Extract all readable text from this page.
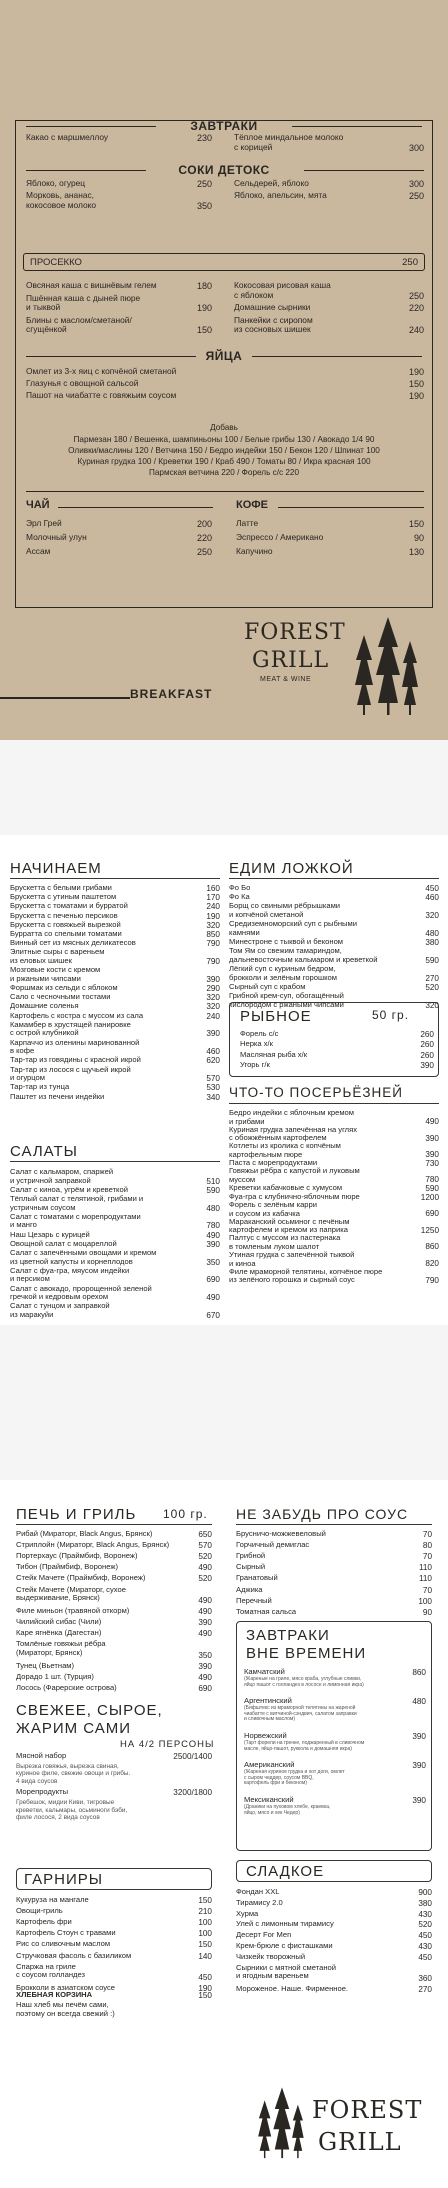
ЗАВТРАКИ
Какао с маршмеллоу	230	Тёплое миндальное молоко
с корицей	300
СОКИ ДЕТОКС
Яблоко, огурец	250	Сельдерей, яблоко	300
Морковь, ананас,
кокосовое молоко	350
Яблоко, апельсин, мята	250
ПРОСЕККО	250
Овсяная каша с вишнёвым гелем	180
Пшённая каша с дыней пюре
и тыквой	190
Блины с маслом/сметаной/
сгущёнкой	150
Кокосовая рисовая каша
с яблоком	250
Домашние сырники	220
Панкейки с сиропом
из сосновых шишек	240
ЯЙЦА
Омлет из 3-х яиц с копчёной сметаной	190
Глазунья с овощной сальсой	150
Пашот на чиабатте с говяжьим соусом	190
Добавь
Пармезан 180 / Вешенка, шампиньоны 100 / Белые грибы 130 / Авокадо 1/4 90
Оливки/маслины 120 / Ветчина 150 / Бедро индейки 150 / Бекон 120 / Шпинат 100
Куриная грудка 100 / Креветки 190 / Краб 490 / Томаты 80 / Икра красная 100
Пармская ветчина 220 / Форель с/с 220
ЧАЙ	КОФЕ
Эрл Грей	200
Молочный улун	220
Ассам	250
Латте	150
Эспрессо / Американо	90
Капучино	130
FOREST
GRILL
MEAT & WINE
BREAKFAST
НАЧИНАЕМ
Брускетта с белыми грибами	160
Брускетта с утиным паштетом	170
Брускетта с томатами и бурратой	240
Брускетта с печенью персиков	190
Брускетта с говяжьей вырезкой	320
Бурратта со спелыми томатами	850
Винный сет из мясных деликатесов	790
Элитные сыры с вареньем
из еловых шишек	790
Мозговые кости с кремом
и ржаными чипсами	390
Форшмак из сельди с яблоком	290
Сало с чесночными тостами	320
Домашние соленья	320
Картофель с костра с муссом из сала	240
Камамбер в хрустящей панировке
с острой клубникой	390
Карпаччо из оленины маринованной
в кофе	460
Тар-тар из говядины с красной икрой	620
Тар-тар из лосося с щучьей икрой
и огурцом	570
Тар-тар из тунца	530
Паштет из печени индейки	340
САЛАТЫ
Салат с кальмаром, спаржей
и устричной заправкой	510
Салат с киноа, угрём и креветкой	590
Тёплый салат с телятиной, грибами и
устричным соусом	480
Салат с томатами с морепродуктами
и манго	780
Наш Цезарь с курицей	490
Овощной салат с моцареллой	390
Салат с запечёнными овощами и кремом
из цветной капусты и корнеплодов	350
Салат с фуа-гра, мяусом индейки
и персиком	690
Салат с авокадо, пророщенной зеленой
гречкой и кедровым орехом	490
Салат с тунцом и заправкой
из маракуйи	670
ЕДИМ ЛОЖКОЙ
Фо Бо	450
Фо Ка	460
Борщ со свиными рёбрышками
и копчёной сметаной	320
Средиземноморский суп с рыбными
камнями	480
Минестроне с тыквой и беконом	380
Том Ям со свежим тамариндом,
дальневосточным кальмаром и креветкой	590
Лёгкий суп с куриным бедром,
брокколи и зелёным горошком	270
Сырный суп с крабом	520
Грибной крем-суп, обогащённый
кислородом с ржаными чипсами	320
РЫБНОЕ	50 гр.
Форель с/с	260
Нерка х/к	260
Масляная рыба х/к	260
Угорь г/к	390
ЧТО-ТО ПОСЕРЬЁЗНЕЙ
Бедро индейки с яблочным кремом
и грибами	490
Куриная грудка запечённая на углях
с обожжённым картофелем	390
Котлеты из кролика с копчёным
картофельным пюре	390
Паста с морепродуктами	730
Говяжьи рёбра с капустой и луковым
муссом	780
Креветки кабачковые с хумусом	590
Фуа-гра с клубнично-яблочным пюре	1200
Форель с зелёным карри
и соусом из кабачка	690
Мараканский осьминог с печёным
картофелем и кремом из паприка	1250
Палтус с муссом из пастернака
в томленым луком шалот	860
Утиная грудка с запечённой тыквой
и киноа	820
Филе мраморной телятины, копчёное пюре
из зелёного горошка и сырный соус	790
ПЕЧЬ И ГРИЛЬ 100 гр.
Рибай (Мираторг, Black Angus, Брянск)	650
Стриплойн (Мираторг, Black Angus, Брянск)	570
Портерхаус (Праймбиф, Воронеж)	520
Тибон (Праймбиф, Воронеж)	490
Стейк Мачете (Праймбиф, Воронеж)	520
Стейк Мачете (Мираторг, сухое
выдерживание, Брянск)	490
Филе миньон (травяной откорм)	490
Чилийский сибас (Чили)	390
Каре ягнёнка (Дагестан)	490
Томлёные говяжьи рёбра
(Мираторг, Брянск)	350
Тунец (Вьетнам)	390
Дорадо 1 шт. (Турция)	490
Лосось (Фарерские острова)	690
СВЕЖЕЕ, СЫРОЕ,
ЖАРИМ САМИ
НА 4/2 ПЕРСОНЫ
Мясной набор	2500/1400
Вырезка говяжья, вырезка свиная,
куриное филе, свежие овощи и грибы.
4 вида соусов
Морепродукты	3200/1800
Гребешок, мидии Киви, тигровые
креветки, кальмары, осьминоги бэби,
филе лосося, 2 вида соусов
ГАРНИРЫ
Кукуруза на мангале	150
Овощи-гриль	210
Картофель фри	100
Картофель Стоун с травами	100
Рис со сливочным маслом	150
Стручковая фасоль с базиликом	140
Спаржа на гриле
с соусом голландез	450
Брокколи в азиатском соусе	190
ХЛЕБНАЯ КОРЗИНА	150
Наш хлеб мы печём сами,
поэтому он всегда свежий :)
НЕ ЗАБУДЬ ПРО СОУС
Брусничо-можжевеловый	70
Горчичный демиглас	80
Грибной	70
Сырный	110
Гранатовый	110
Аджика	70
Перечный	100
Томатная сальса	90
ЗАВТРАКИ
ВНЕ ВРЕМЕНИ
Камчатский	860
(Жареные на гриле, мясо краба, углубные сливки,
яйцо пашот с голландез в лососе и лимонная икра)
Аргентинский	480
(Бифштекс из мраморной телятины на жареной
чиабатте с витчиной-сэндвич, салатом заправки
и сливочным маслом)
Норвежский	390
(Тарт форели на гренке, поджаренный в сливочном
масле, яйцо-пашот, руккола и домашняя икра)
Американский	390
(Жареная куриное грудка и хот доги, омлет
с сыром чеддер, соусом BBQ,
картофель фри и беконом)
Мексиканский	390
(Драники на пуховом хлебе, краевка,
яйцо, мясо и хек Чедер)
СЛАДКОЕ
Фондан XXL	900
Тирамису 2.0	380
Хурма	430
Улей с лимонным тирамису	520
Десерт For Men	450
Крем-брюле с фисташками	430
Чизкейк творожный	450
Сырники с мятной сметаной
и ягодным вареньем	360
Мороженое. Наше. Фирменное.	270
FOREST
GRILL
